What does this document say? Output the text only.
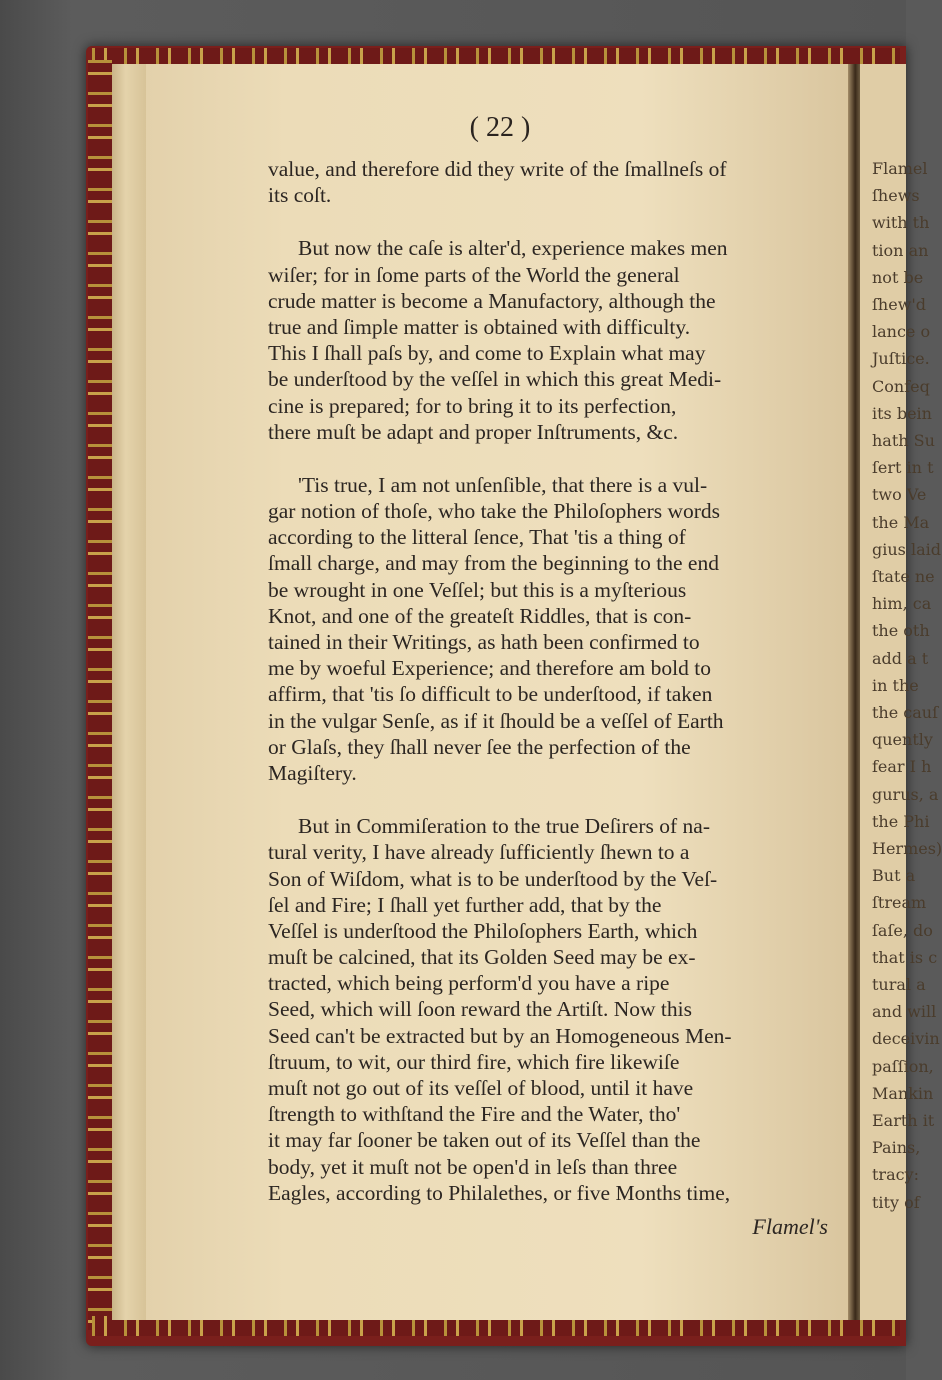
( 22 )
value, and therefore did they write of the ſmallneſs of
its coſt.
But now the caſe is alter'd, experience makes men
wiſer; for in ſome parts of the World the general
crude matter is become a Manufactory, although the
true and ſimple matter is obtained with difficulty.
This I ſhall paſs by, and come to Explain what may
be underſtood by the veſſel in which this great Medi-
cine is prepared; for to bring it to its perfection,
there muſt be adapt and proper Inſtruments, &c.
'Tis true, I am not unſenſible, that there is a vul-
gar notion of thoſe, who take the Philoſophers words
according to the litteral ſence, That 'tis a thing of
ſmall charge, and may from the beginning to the end
be wrought in one Veſſel; but this is a myſterious
Knot, and one of the greateſt Riddles, that is con-
tained in their Writings, as hath been confirmed to
me by woeful Experience; and therefore am bold to
affirm, that 'tis ſo difficult to be underſtood, if taken
in the vulgar Senſe, as if it ſhould be a veſſel of Earth
or Glaſs, they ſhall never ſee the perfection of the
Magiſtery.
But in Commiſeration to the true Deſirers of na-
tural verity, I have already ſufficiently ſhewn to a
Son of Wiſdom, what is to be underſtood by the Veſ-
ſel and Fire; I ſhall yet further add, that by the
Veſſel is underſtood the Philoſophers Earth, which
muſt be calcined, that its Golden Seed may be ex-
tracted, which being perform'd you have a ripe
Seed, which will ſoon reward the Artiſt. Now this
Seed can't be extracted but by an Homogeneous Men-
ſtruum, to wit, our third fire, which fire likewiſe
muſt not go out of its veſſel of blood, until it have
ſtrength to withſtand the Fire and the Water, tho'
it may far ſooner be taken out of its Veſſel than the
body, yet it muſt not be open'd in leſs than three
Eagles, according to Philalethes, or five Months time,
Flamel's
Flamel
ſhews
with th
tion an
not be
ſhew'd
lance o
Juſtice.
Confeq
its bein
hath Su
ſert in t
two Ve
the Ma
gius laid
ſtate ne
him, ca
the oth
add a t
in the
the cauſ
quently
fear I h
gurus, a
the Phi
Hermes)
But a
ſtream
ſaſe, do
that is c
tural a
and will
deceivin
paſſion,
Mankin
Earth it
Pains,
tracy:
tity of
